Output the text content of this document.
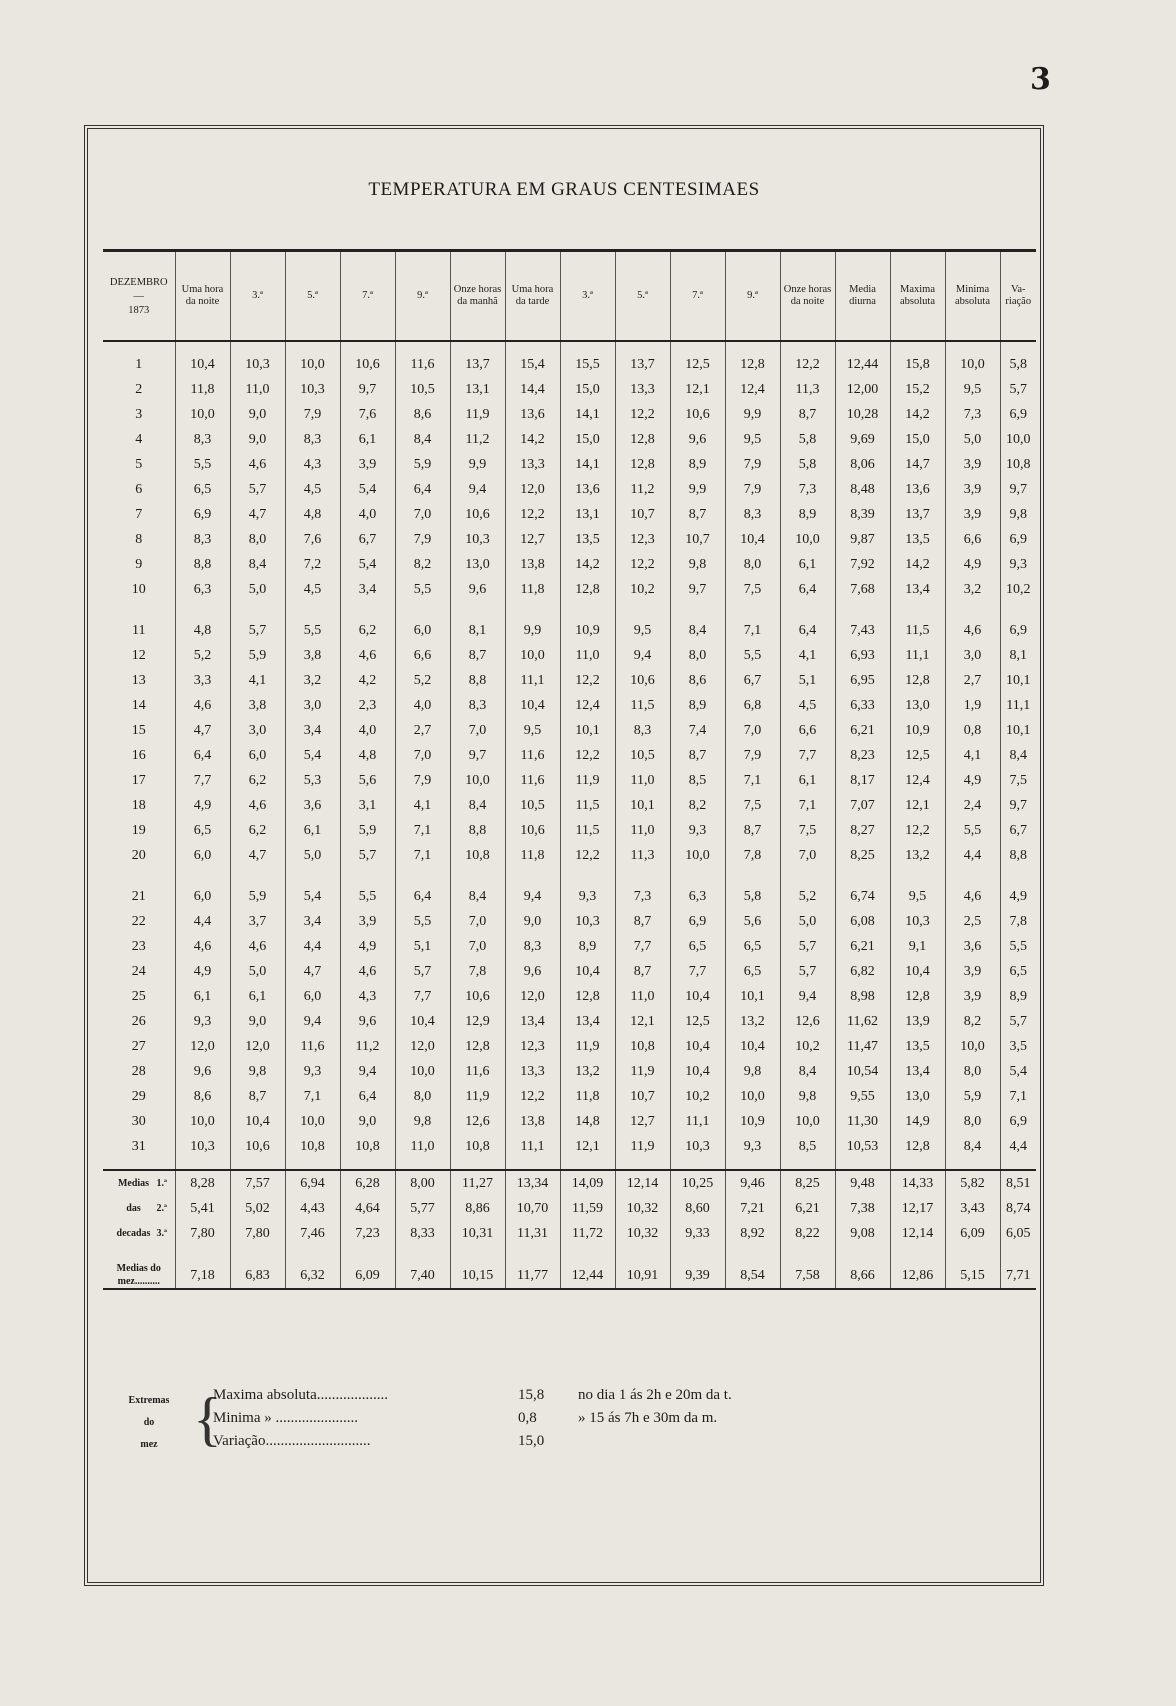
3
TEMPERATURA EM GRAUS CENTESIMAES
DEZEMBRO
—
1873	Uma hora da noite	3.ª	5.ª	7.ª	9.ª	Onze horas da manhã	Uma hora da tarde	3.ª	5.ª	7.ª	9.ª	Onze horas da noite	Media diurna	Maxima absoluta	Minima absoluta	Va-riação

1	10,4	10,3	10,0	10,6	11,6	13,7	15,4	15,5	13,7	12,5	12,8	12,2	12,44	15,8	10,0	5,8
2	11,8	11,0	10,3	9,7	10,5	13,1	14,4	15,0	13,3	12,1	12,4	11,3	12,00	15,2	9,5	5,7
3	10,0	9,0	7,9	7,6	8,6	11,9	13,6	14,1	12,2	10,6	9,9	8,7	10,28	14,2	7,3	6,9
4	8,3	9,0	8,3	6,1	8,4	11,2	14,2	15,0	12,8	9,6	9,5	5,8	9,69	15,0	5,0	10,0
5	5,5	4,6	4,3	3,9	5,9	9,9	13,3	14,1	12,8	8,9	7,9	5,8	8,06	14,7	3,9	10,8
6	6,5	5,7	4,5	5,4	6,4	9,4	12,0	13,6	11,2	9,9	7,9	7,3	8,48	13,6	3,9	9,7
7	6,9	4,7	4,8	4,0	7,0	10,6	12,2	13,1	10,7	8,7	8,3	8,9	8,39	13,7	3,9	9,8
8	8,3	8,0	7,6	6,7	7,9	10,3	12,7	13,5	12,3	10,7	10,4	10,0	9,87	13,5	6,6	6,9
9	8,8	8,4	7,2	5,4	8,2	13,0	13,8	14,2	12,2	9,8	8,0	6,1	7,92	14,2	4,9	9,3
10	6,3	5,0	4,5	3,4	5,5	9,6	11,8	12,8	10,2	9,7	7,5	6,4	7,68	13,4	3,2	10,2

11	4,8	5,7	5,5	6,2	6,0	8,1	9,9	10,9	9,5	8,4	7,1	6,4	7,43	11,5	4,6	6,9
12	5,2	5,9	3,8	4,6	6,6	8,7	10,0	11,0	9,4	8,0	5,5	4,1	6,93	11,1	3,0	8,1
13	3,3	4,1	3,2	4,2	5,2	8,8	11,1	12,2	10,6	8,6	6,7	5,1	6,95	12,8	2,7	10,1
14	4,6	3,8	3,0	2,3	4,0	8,3	10,4	12,4	11,5	8,9	6,8	4,5	6,33	13,0	1,9	11,1
15	4,7	3,0	3,4	4,0	2,7	7,0	9,5	10,1	8,3	7,4	7,0	6,6	6,21	10,9	0,8	10,1
16	6,4	6,0	5,4	4,8	7,0	9,7	11,6	12,2	10,5	8,7	7,9	7,7	8,23	12,5	4,1	8,4
17	7,7	6,2	5,3	5,6	7,9	10,0	11,6	11,9	11,0	8,5	7,1	6,1	8,17	12,4	4,9	7,5
18	4,9	4,6	3,6	3,1	4,1	8,4	10,5	11,5	10,1	8,2	7,5	7,1	7,07	12,1	2,4	9,7
19	6,5	6,2	6,1	5,9	7,1	8,8	10,6	11,5	11,0	9,3	8,7	7,5	8,27	12,2	5,5	6,7
20	6,0	4,7	5,0	5,7	7,1	10,8	11,8	12,2	11,3	10,0	7,8	7,0	8,25	13,2	4,4	8,8

21	6,0	5,9	5,4	5,5	6,4	8,4	9,4	9,3	7,3	6,3	5,8	5,2	6,74	9,5	4,6	4,9
22	4,4	3,7	3,4	3,9	5,5	7,0	9,0	10,3	8,7	6,9	5,6	5,0	6,08	10,3	2,5	7,8
23	4,6	4,6	4,4	4,9	5,1	7,0	8,3	8,9	7,7	6,5	6,5	5,7	6,21	9,1	3,6	5,5
24	4,9	5,0	4,7	4,6	5,7	7,8	9,6	10,4	8,7	7,7	6,5	5,7	6,82	10,4	3,9	6,5
25	6,1	6,1	6,0	4,3	7,7	10,6	12,0	12,8	11,0	10,4	10,1	9,4	8,98	12,8	3,9	8,9
26	9,3	9,0	9,4	9,6	10,4	12,9	13,4	13,4	12,1	12,5	13,2	12,6	11,62	13,9	8,2	5,7
27	12,0	12,0	11,6	11,2	12,0	12,8	12,3	11,9	10,8	10,4	10,4	10,2	11,47	13,5	10,0	3,5
28	9,6	9,8	9,3	9,4	10,0	11,6	13,3	13,2	11,9	10,4	9,8	8,4	10,54	13,4	8,0	5,4
29	8,6	8,7	7,1	6,4	8,0	11,9	12,2	11,8	10,7	10,2	10,0	9,8	9,55	13,0	5,9	7,1
30	10,0	10,4	10,0	9,0	9,8	12,6	13,8	14,8	12,7	11,1	10,9	10,0	11,30	14,9	8,0	6,9
31	10,3	10,6	10,8	10,8	11,0	10,8	11,1	12,1	11,9	10,3	9,3	8,5	10,53	12,8	8,4	4,4

Medias 1.ª	8,28	7,57	6,94	6,28	8,00	11,27	13,34	14,09	12,14	10,25	9,46	8,25	9,48	14,33	5,82	8,51
das 2.ª	5,41	5,02	4,43	4,64	5,77	8,86	10,70	11,59	10,32	8,60	7,21	6,21	7,38	12,17	3,43	8,74
decadas 3.ª	7,80	7,80	7,46	7,23	8,33	10,31	11,31	11,72	10,32	9,33	8,92	8,22	9,08	12,14	6,09	6,05

Medias do
mez..........	7,18	6,83	6,32	6,09	7,40	10,15	11,77	12,44	10,91	9,39	8,54	7,58	8,66	12,86	5,15	7,71
Extremas
do
mez {
Maxima absoluta...................	15,8 no dia 1 ás 2h e 20m da t.
Minima » ......................	0,8	» 15 ás 7h e 30m da m.
Variação............................	15,0
